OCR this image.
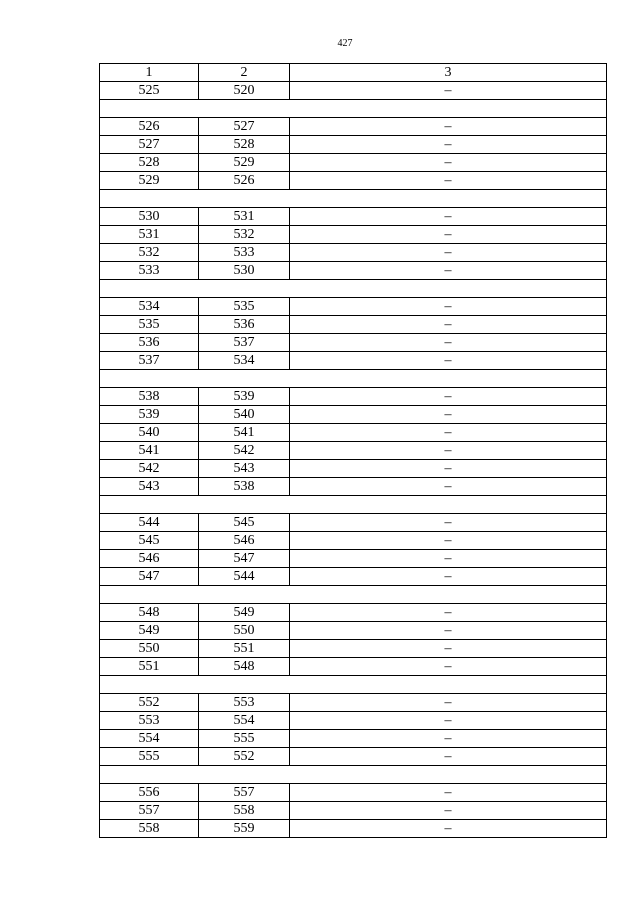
427
1	2	3
525	520	–

526	527	–
527	528	–
528	529	–
529	526	–

530	531	–
531	532	–
532	533	–
533	530	–

534	535	–
535	536	–
536	537	–
537	534	–

538	539	–
539	540	–
540	541	–
541	542	–
542	543	–
543	538	–

544	545	–
545	546	–
546	547	–
547	544	–

548	549	–
549	550	–
550	551	–
551	548	–

552	553	–
553	554	–
554	555	–
555	552	–

556	557	–
557	558	–
558	559	–
